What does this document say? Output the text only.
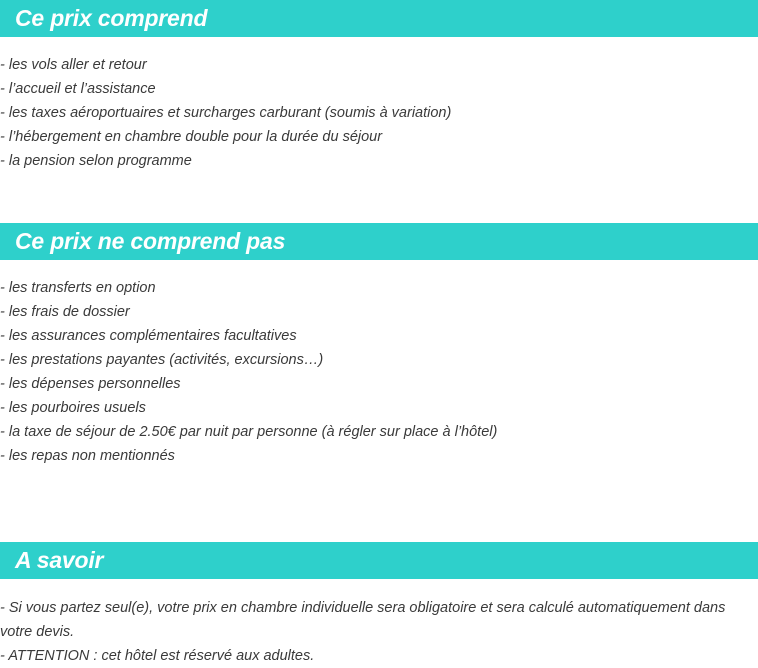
Ce prix comprend
- les vols aller et retour
- l’accueil et l’assistance
- les taxes aéroportuaires et surcharges carburant (soumis à variation)
- l’hébergement en chambre double pour la durée du séjour
- la pension selon programme
Ce prix ne comprend pas
- les transferts en option
- les frais de dossier
- les assurances complémentaires facultatives
- les prestations payantes (activités, excursions…)
- les dépenses personnelles
- les pourboires usuels
- la taxe de séjour de 2.50€ par nuit par personne (à régler sur place à l’hôtel)
- les repas non mentionnés
A savoir
- Si vous partez seul(e), votre prix en chambre individuelle sera obligatoire et sera calculé automatiquement dans votre devis.
- ATTENTION : cet hôtel est réservé aux adultes.
